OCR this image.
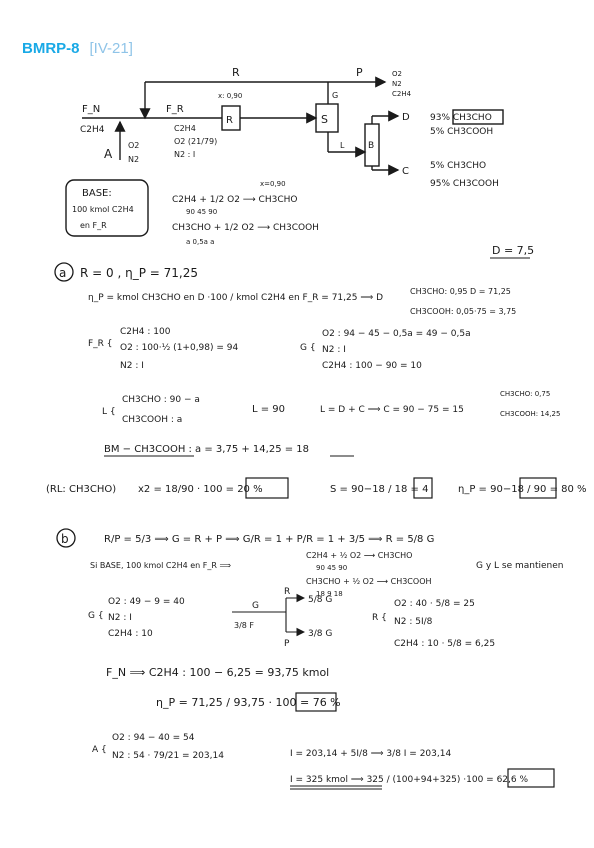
BMRP-8 [IV-21]
R	P	O2
N2
C2H4
x: 0,90	G
F_N
C2H4
F_R
R	S
B
L
A
O2
N2
C2H4
O2 (21/79)
N2 : I
D
C
93% CH3CHO
5% CH3COOH
5% CH3CHO
95% CH3COOH
BASE:
100 kmol C2H4
en F_R
x=0,90
C2H4 + 1/2 O2 ⟶ CH3CHO
90 45 90
CH3CHO + 1/2 O2 ⟶ CH3COOH
a 0,5a a
a R = 0 , η_P = 71,25
D = 7,5
η_P = kmol CH3CHO en D ·100 / kmol C2H4 en F_R = 71,25 ⟹ D
CH3CHO: 0,95 D = 71,25
CH3COOH: 0,05·75 = 3,75
F_R {
C2H4 : 100
O2 : 100·½ (1+0,98) = 94
N2 : I
G {
O2 : 94 − 45 − 0,5a = 49 − 0,5a
N2 : I
C2H4 : 100 − 90 = 10
L {
CH3CHO : 90 − a
CH3COOH : a
L = 90	L = D + C ⟹ C = 90 − 75 = 15
CH3CHO: 0,75
CH3COOH: 14,25
BM − CH3COOH : a = 3,75 + 14,25 = 18
(RL: CH3CHO) x2 = 18/90 · 100 = 20 %	S = 90−18 / 18 = 4	η_P = 90−18 / 90 = 80 %
b	R/P = 5/3 ⟹ G = R + P ⟹ G/R = 1 + P/R = 1 + 3/5 ⟹ R = 5/8 G
Si BASE, 100 kmol C2H4 en F_R ⟹
C2H4 + ½ O2 ⟶ CH3CHO
90 45 90
CH3CHO + ½ O2 ⟶ CH3COOH
18 9 18
G y L se mantienen
G {
O2 : 49 − 9 = 40
N2 : I
C2H4 : 10
G
R
P
5/8 G
3/8 G
3/8 F
R {
O2 : 40 · 5/8 = 25
N2 : 5I/8
C2H4 : 10 · 5/8 = 6,25
F_N ⟹ C2H4 : 100 − 6,25 = 93,75 kmol
η_P = 71,25 / 93,75 · 100 = 76 %
A {
O2 : 94 − 40 = 54
N2 : 54 · 79/21 = 203,14	I = 203,14 + 5I/8 ⟹ 3/8 I = 203,14
I = 325 kmol ⟹ 325 / (100+94+325) ·100 = 62,6 %
